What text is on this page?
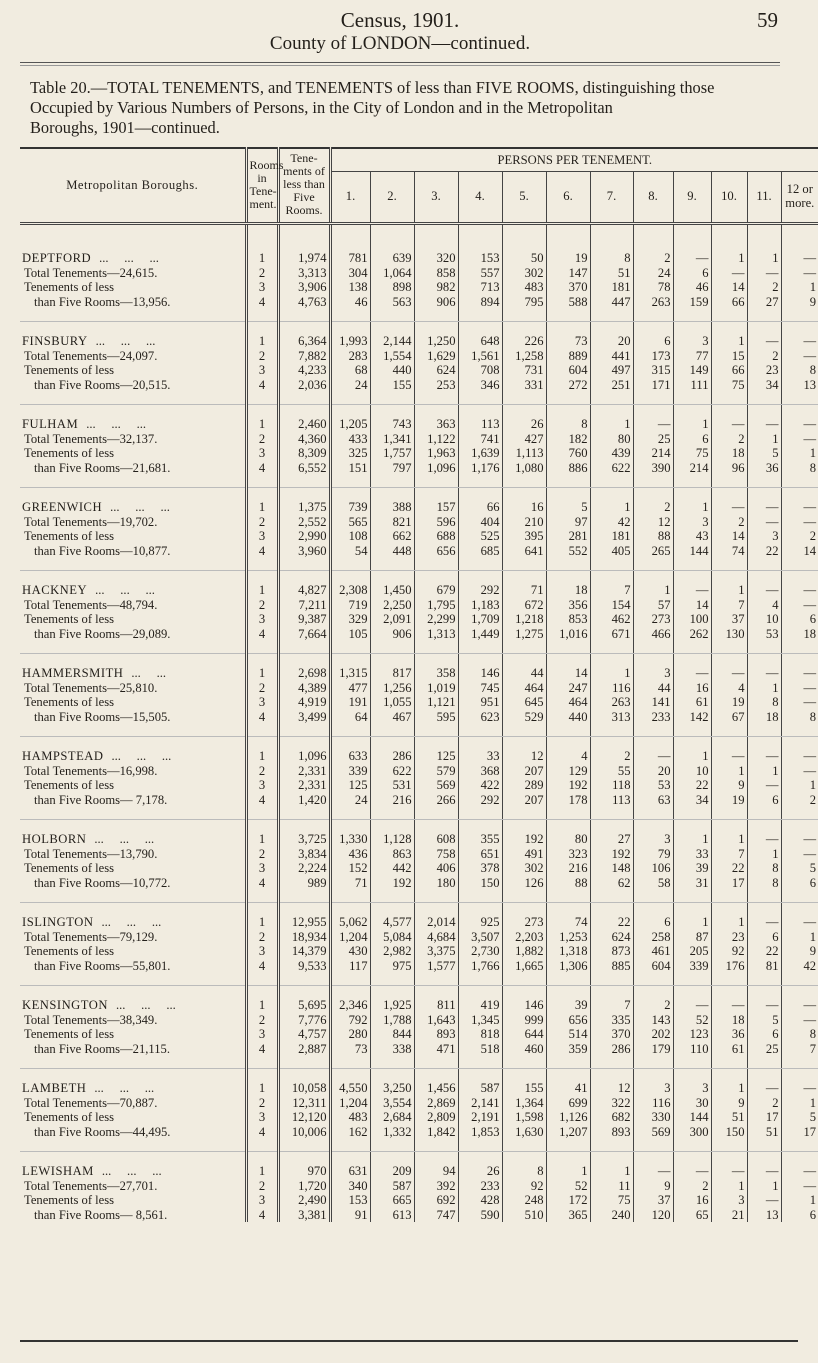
Census, 1901.	59
County of LONDON—continued.
Table 20.—TOTAL TENEMENTS, and TENEMENTS of less than FIVE ROOMS, distinguishing those
Occupied by Various Numbers of Persons, in the City of London and in the Metropolitan
Boroughs, 1901—continued.
Metropolitan Boroughs.	Rooms in Tene- ment.	Tene- ments of less than Five Rooms.	PERSONS PER TENEMENT.											
			1.	2.	3.	4.	5.	6.	7.	8.	9.	10.	11.	12 or more.

DEPTFORD ...     ...     ...	1	1,974	781	639	320	153	50	19	8	2	—	1	1	—
Total Tenements—24,615.	2	3,313	304	1,064	858	557	302	147	51	24	6	—	—	—
Tenements of less	3	3,906	138	898	982	713	483	370	181	78	46	14	2	1
than Five Rooms—13,956.	4	4,763	46	563	906	894	795	588	447	263	159	66	27	9

FINSBURY ...     ...     ...	1	6,364	1,993	2,144	1,250	648	226	73	20	6	3	1	—	—
Total Tenements—24,097.	2	7,882	283	1,554	1,629	1,561	1,258	889	441	173	77	15	2	—
Tenements of less	3	4,233	68	440	624	708	731	604	497	315	149	66	23	8
than Five Rooms—20,515.	4	2,036	24	155	253	346	331	272	251	171	111	75	34	13

FULHAM ...     ...     ...	1	2,460	1,205	743	363	113	26	8	1	—	1	—	—	—
Total Tenements—32,137.	2	4,360	433	1,341	1,122	741	427	182	80	25	6	2	1	—
Tenements of less	3	8,309	325	1,757	1,963	1,639	1,113	760	439	214	75	18	5	1
than Five Rooms—21,681.	4	6,552	151	797	1,096	1,176	1,080	886	622	390	214	96	36	8

GREENWICH ...     ...     ...	1	1,375	739	388	157	66	16	5	1	2	1	—	—	—
Total Tenements—19,702.	2	2,552	565	821	596	404	210	97	42	12	3	2	—	—
Tenements of less	3	2,990	108	662	688	525	395	281	181	88	43	14	3	2
than Five Rooms—10,877.	4	3,960	54	448	656	685	641	552	405	265	144	74	22	14

HACKNEY ...     ...     ...	1	4,827	2,308	1,450	679	292	71	18	7	1	—	1	—	—
Total Tenements—48,794.	2	7,211	719	2,250	1,795	1,183	672	356	154	57	14	7	4	—
Tenements of less	3	9,387	329	2,091	2,299	1,709	1,218	853	462	273	100	37	10	6
than Five Rooms—29,089.	4	7,664	105	906	1,313	1,449	1,275	1,016	671	466	262	130	53	18

HAMMERSMITH ...     ...	1	2,698	1,315	817	358	146	44	14	1	3	—	—	—	—
Total Tenements—25,810.	2	4,389	477	1,256	1,019	745	464	247	116	44	16	4	1	—
Tenements of less	3	4,919	191	1,055	1,121	951	645	464	263	141	61	19	8	—
than Five Rooms—15,505.	4	3,499	64	467	595	623	529	440	313	233	142	67	18	8

HAMPSTEAD ...     ...     ...	1	1,096	633	286	125	33	12	4	2	—	1	—	—	—
Total Tenements—16,998.	2	2,331	339	622	579	368	207	129	55	20	10	1	1	—
Tenements of less	3	2,331	125	531	569	422	289	192	118	53	22	9	—	1
than Five Rooms— 7,178.	4	1,420	24	216	266	292	207	178	113	63	34	19	6	2

HOLBORN ...     ...     ...	1	3,725	1,330	1,128	608	355	192	80	27	3	1	1	—	—
Total Tenements—13,790.	2	3,834	436	863	758	651	491	323	192	79	33	7	1	—
Tenements of less	3	2,224	152	442	406	378	302	216	148	106	39	22	8	5
than Five Rooms—10,772.	4	989	71	192	180	150	126	88	62	58	31	17	8	6

ISLINGTON ...     ...     ...	1	12,955	5,062	4,577	2,014	925	273	74	22	6	1	1	—	—
Total Tenements—79,129.	2	18,934	1,204	5,084	4,684	3,507	2,203	1,253	624	258	87	23	6	1
Tenements of less	3	14,379	430	2,982	3,375	2,730	1,882	1,318	873	461	205	92	22	9
than Five Rooms—55,801.	4	9,533	117	975	1,577	1,766	1,665	1,306	885	604	339	176	81	42

KENSINGTON ...     ...     ...	1	5,695	2,346	1,925	811	419	146	39	7	2	—	—	—	—
Total Tenements—38,349.	2	7,776	792	1,788	1,643	1,345	999	656	335	143	52	18	5	—
Tenements of less	3	4,757	280	844	893	818	644	514	370	202	123	36	6	8
than Five Rooms—21,115.	4	2,887	73	338	471	518	460	359	286	179	110	61	25	7

LAMBETH ...     ...     ...	1	10,058	4,550	3,250	1,456	587	155	41	12	3	3	1	—	—
Total Tenements—70,887.	2	12,311	1,204	3,554	2,869	2,141	1,364	699	322	116	30	9	2	1
Tenements of less	3	12,120	483	2,684	2,809	2,191	1,598	1,126	682	330	144	51	17	5
than Five Rooms—44,495.	4	10,006	162	1,332	1,842	1,853	1,630	1,207	893	569	300	150	51	17

LEWISHAM ...     ...     ...	1	970	631	209	94	26	8	1	1	—	—	—	—	—
Total Tenements—27,701.	2	1,720	340	587	392	233	92	52	11	9	2	1	1	—
Tenements of less	3	2,490	153	665	692	428	248	172	75	37	16	3	—	1
than Five Rooms— 8,561.	4	3,381	91	613	747	590	510	365	240	120	65	21	13	6
